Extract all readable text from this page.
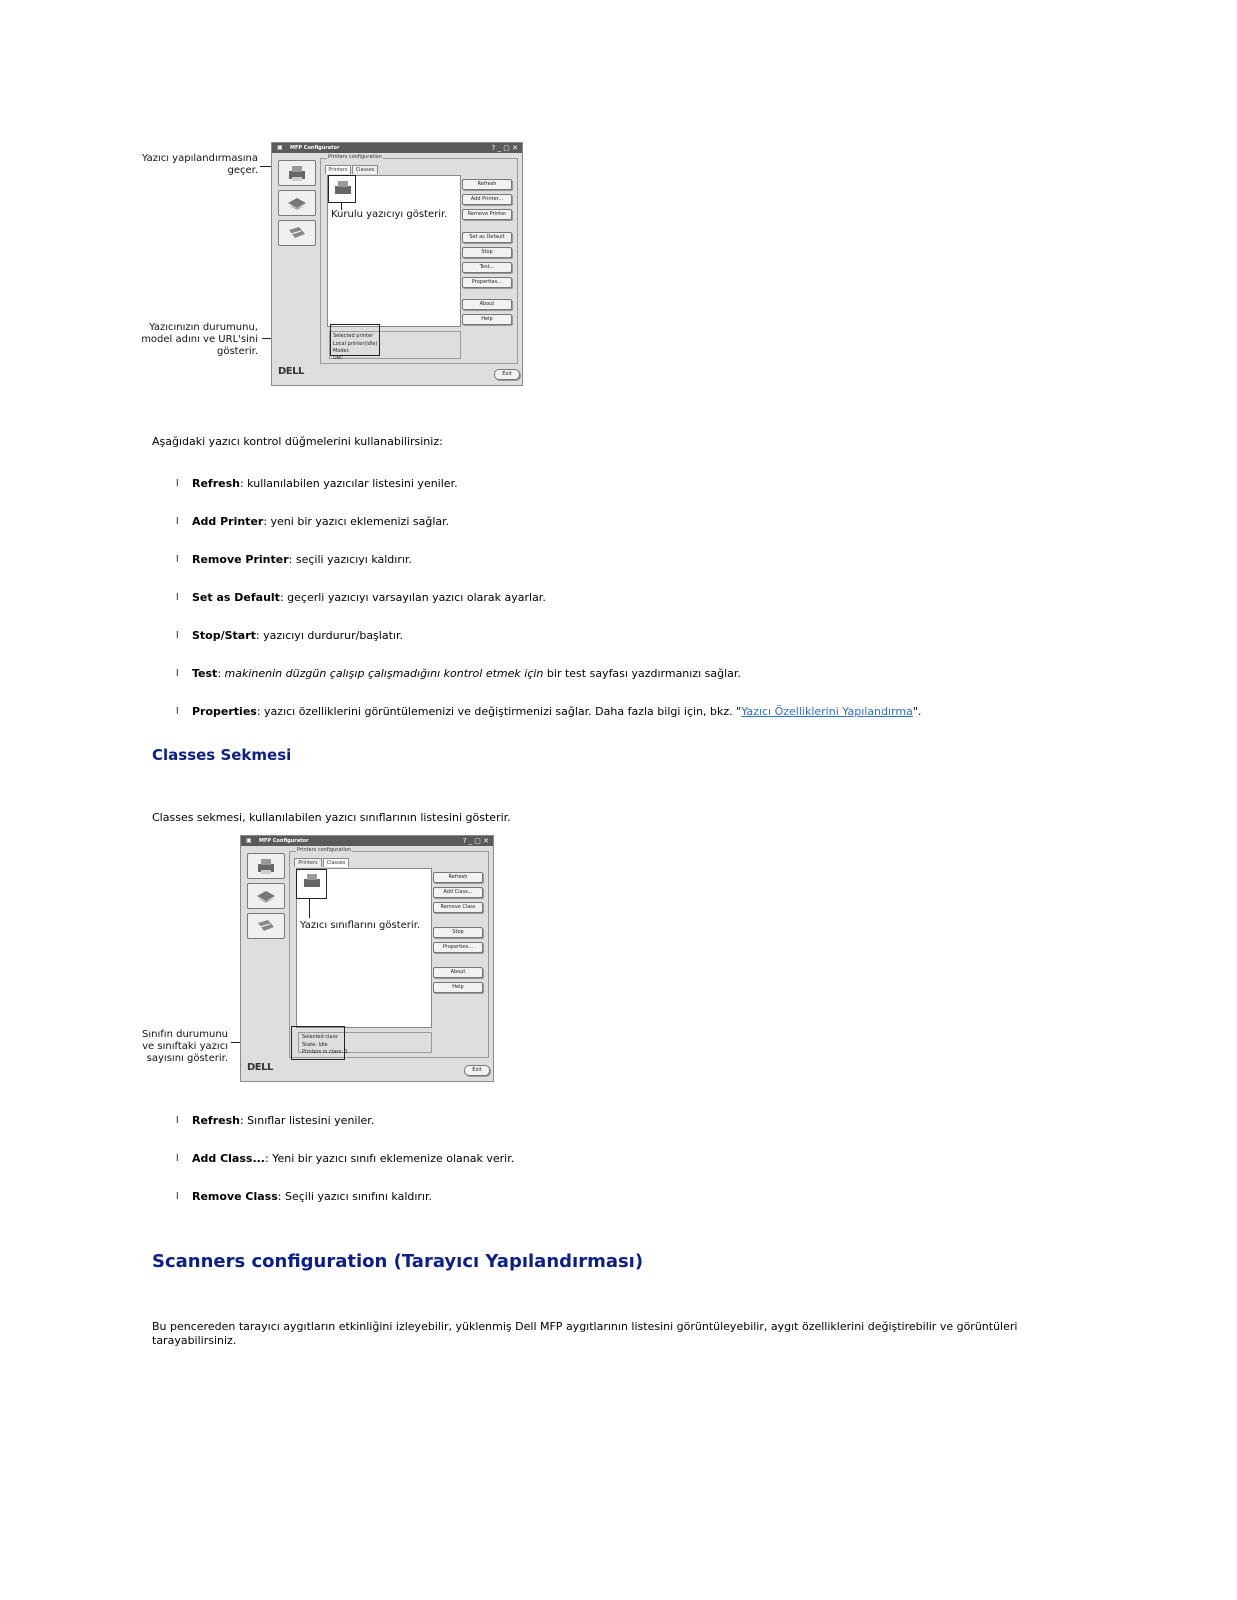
Yazıcı yapılandırmasına geçer.
Yazıcınızın durumunu, model adını ve URL'sini gösterir.
▣ MFP Configurator	? _ ▢ ✕
Printers configuration
Printers	Classes
Refresh
Add Printer...
Remove Printer
Set as Default
Stop
Test...
Properties...
About
Help
Selected printer
Local printer(idle)
Model:
URI:
DELL	Exit
Kurulu yazıcıyı gösterir.
Aşağıdaki yazıcı kontrol düğmelerini kullanabilirsiniz:
l Refresh: kullanılabilen yazıcılar listesini yeniler.
l Add Printer: yeni bir yazıcı eklemenizi sağlar.
l Remove Printer: seçili yazıcıyı kaldırır.
l Set as Default: geçerli yazıcıyı varsayılan yazıcı olarak ayarlar.
l Stop/Start: yazıcıyı durdurur/başlatır.
l Test: makinenin düzgün çalışıp çalışmadığını kontrol etmek için bir test sayfası yazdırmanızı sağlar.
l Properties: yazıcı özelliklerini görüntülemenizi ve değiştirmenizi sağlar. Daha fazla bilgi için, bkz. "Yazıcı Özelliklerini Yapılandırma".
Classes Sekmesi
Classes sekmesi, kullanılabilen yazıcı sınıflarının listesini gösterir.
Sınıfın durumunu ve sınıftaki yazıcı sayısını gösterir.
▣ MFP Configurator	? _ ▢ ✕
Printers configuration
Printers	Classes
Refresh
Add Class...
Remove Class
Stop
Properties...
About
Help
Selected class
State: Idle
Printers in class: 1
DELL	Exit
Yazıcı sınıflarını gösterir.
l Refresh: Sınıflar listesini yeniler.
l Add Class...: Yeni bir yazıcı sınıfı eklemenize olanak verir.
l Remove Class: Seçili yazıcı sınıfını kaldırır.
Scanners configuration (Tarayıcı Yapılandırması)
Bu pencereden tarayıcı aygıtların etkinliğini izleyebilir, yüklenmiş Dell MFP aygıtlarının listesini görüntüleyebilir, aygıt özelliklerini değiştirebilir ve görüntüleri tarayabilirsiniz.
